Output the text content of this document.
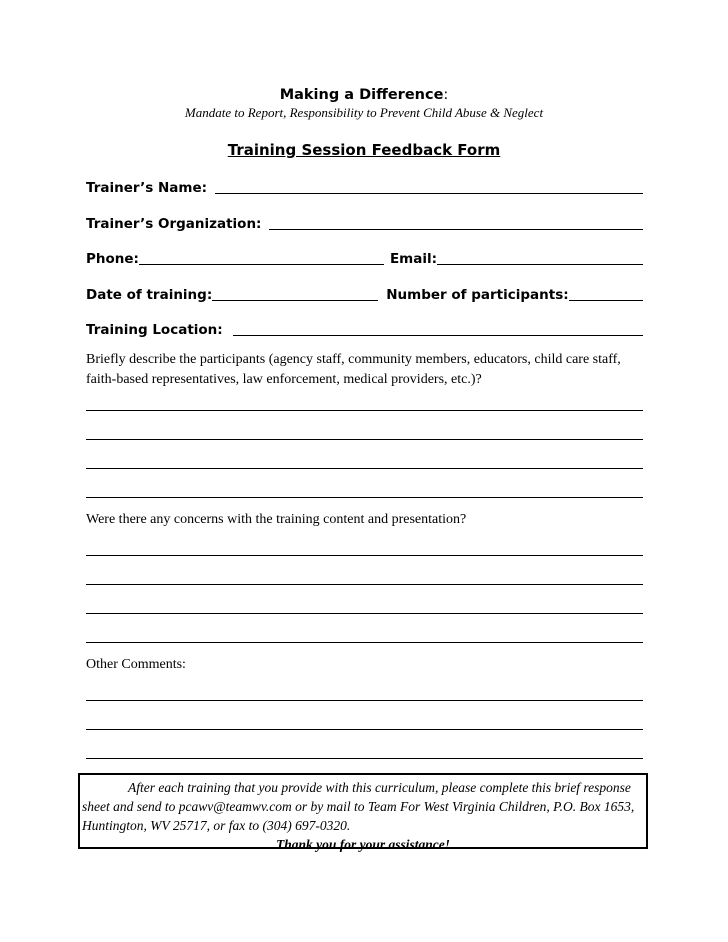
Making a Difference:
Mandate to Report, Responsibility to Prevent Child Abuse & Neglect
Training Session Feedback Form
Trainer’s Name:
Trainer’s Organization:
Phone:	Email:
Date of training:	Number of participants:
Training Location:
Briefly describe the participants (agency staff, community members, educators, child care staff, faith-based representatives, law enforcement, medical providers, etc.)?
Were there any concerns with the training content and presentation?
Other Comments:

After each training that you provide with this curriculum, please complete this brief response sheet and send to pcawv@teamwv.com or by mail to Team For West Virginia Children, P.O. Box 1653, Huntington, WV 25717, or fax to (304) 697-0320.

Thank you for your assistance!
